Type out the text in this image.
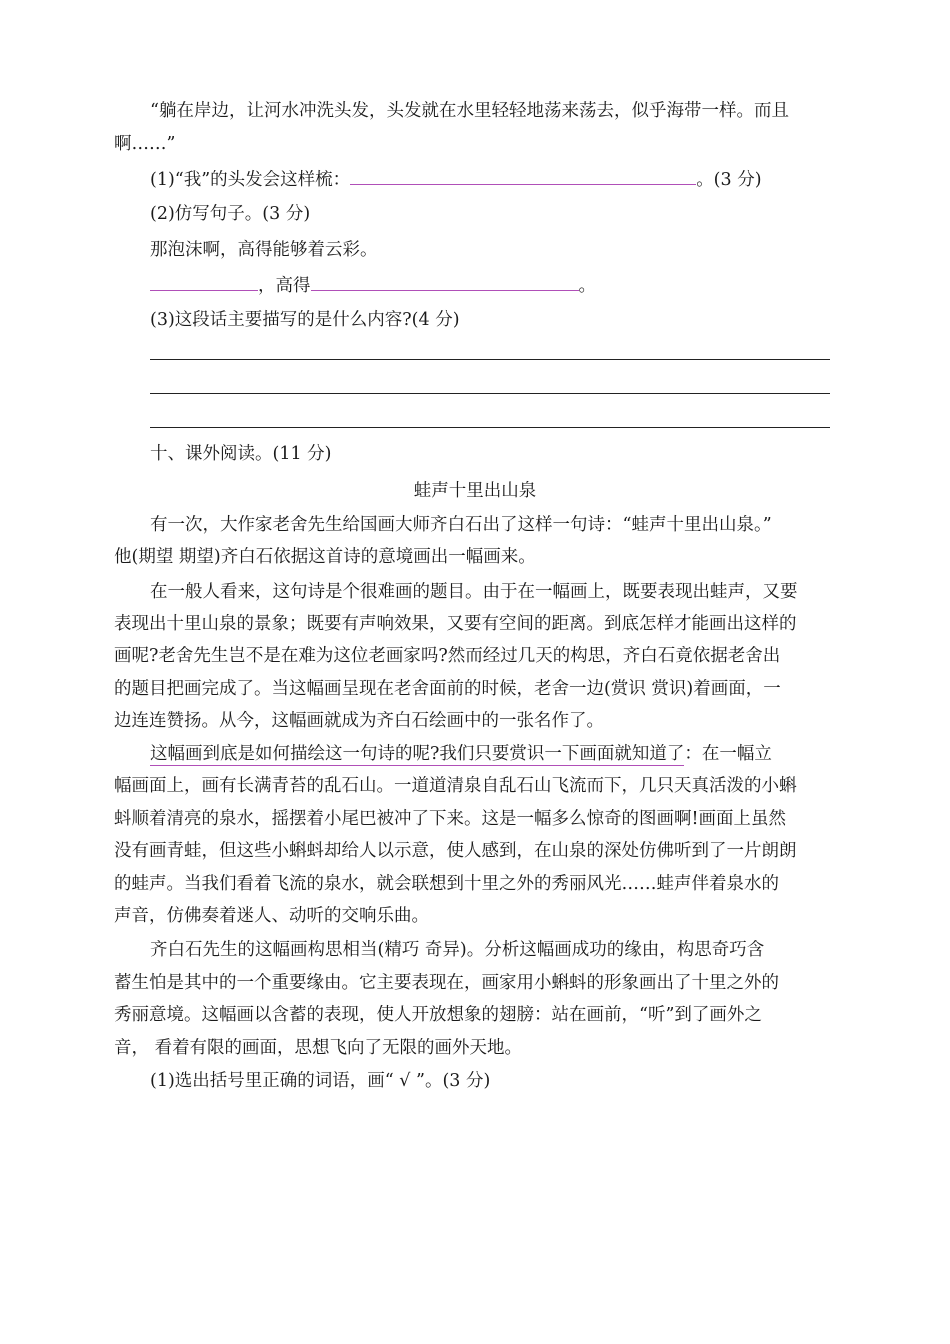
“躺在岸边，让河水冲洗头发，头发就在水里轻轻地荡来荡去，似乎海带一样。而且
啊……”
(1)“我”的头发会这样梳：	。(3 分)
(2)仿写句子。(3 分)
那泡沫啊，高得能够着云彩。
，高得	。
(3)这段话主要描写的是什么内容?(4 分)
十、课外阅读。(11 分)
蛙声十里出山泉
有一次，大作家老舍先生给国画大师齐白石出了这样一句诗：“蛙声十里出山泉。”
他(期望 期望)齐白石依据这首诗的意境画出一幅画来。
在一般人看来，这句诗是个很难画的题目。由于在一幅画上，既要表现出蛙声，又要
表现出十里山泉的景象；既要有声响效果，又要有空间的距离。到底怎样才能画出这样的
画呢?老舍先生岂不是在难为这位老画家吗?然而经过几天的构思，齐白石竟依据老舍出
的题目把画完成了。当这幅画呈现在老舍面前的时候，老舍一边(赏识 赏识)着画面，一
边连连赞扬。从今，这幅画就成为齐白石绘画中的一张名作了。
这幅画到底是如何描绘这一句诗的呢?我们只要赏识一下画面就知道了：在一幅立
幅画面上，画有长满青苔的乱石山。一道道清泉自乱石山飞流而下，几只天真活泼的小蝌
蚪顺着清亮的泉水，摇摆着小尾巴被冲了下来。这是一幅多么惊奇的图画啊!画面上虽然
没有画青蛙，但这些小蝌蚪却给人以示意，使人感到，在山泉的深处仿佛听到了一片朗朗
的蛙声。当我们看着飞流的泉水，就会联想到十里之外的秀丽风光……蛙声伴着泉水的
声音，仿佛奏着迷人、动听的交响乐曲。
齐白石先生的这幅画构思相当(精巧 奇异)。分析这幅画成功的缘由，构思奇巧含
蓄生怕是其中的一个重要缘由。它主要表现在，画家用小蝌蚪的形象画出了十里之外的
秀丽意境。这幅画以含蓄的表现，使人开放想象的翅膀：站在画前，“听”到了画外之
音， 看着有限的画面，思想飞向了无限的画外天地。
(1)选出括号里正确的词语，画“ √ ”。(3 分)
